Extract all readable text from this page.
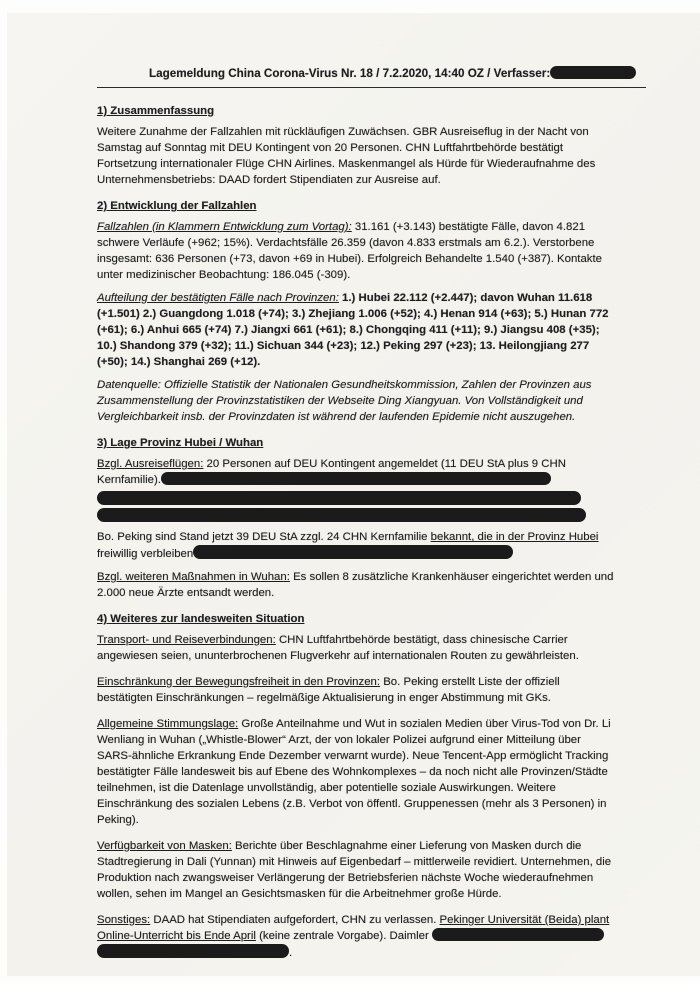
Lagemeldung China Corona-Virus Nr. 18 / 7.2.2020, 14:40 OZ / Verfasser:
1) Zusammenfassung

Weitere Zunahme der Fallzahlen mit rückläufigen Zuwächsen. GBR Ausreiseflug in der Nacht von Samstag auf Sonntag mit DEU Kontingent von 20 Personen. CHN Luftfahrtbehörde bestätigt Fortsetzung internationaler Flüge CHN Airlines. Maskenmangel als Hürde für Wiederaufnahme des Unternehmensbetriebs: DAAD fordert Stipendiaten zur Ausreise auf.

2) Entwicklung der Fallzahlen

Fallzahlen (in Klammern Entwicklung zum Vortag): 31.161 (+3.143) bestätigte Fälle, davon 4.821 schwere Verläufe (+962; 15%). Verdachtsfälle 26.359 (davon 4.833 erstmals am 6.2.). Verstorbene insgesamt: 636 Personen (+73, davon +69 in Hubei). Erfolgreich Behandelte 1.540 (+387). Kontakte unter medizinischer Beobachtung: 186.045 (-309).

Aufteilung der bestätigten Fälle nach Provinzen: 1.) Hubei 22.112 (+2.447); davon Wuhan 11.618 (+1.501) 2.) Guangdong 1.018 (+74); 3.) Zhejiang 1.006 (+52); 4.) Henan 914 (+63); 5.) Hunan 772 (+61); 6.) Anhui 665 (+74) 7.) Jiangxi 661 (+61); 8.) Chongqing 411 (+11); 9.) Jiangsu 408 (+35); 10.) Shandong 379 (+32); 11.) Sichuan 344 (+23); 12.) Peking 297 (+23); 13. Heilongjiang 277 (+50); 14.) Shanghai 269 (+12).

Datenquelle: Offizielle Statistik der Nationalen Gesundheitskommission, Zahlen der Provinzen aus Zusammenstellung der Provinzstatistiken der Webseite Ding Xiangyuan. Von Vollständigkeit und Vergleichbarkeit insb. der Provinzdaten ist während der laufenden Epidemie nicht auszugehen.

3) Lage Provinz Hubei / Wuhan

Bzgl. Ausreiseflügen: 20 Personen auf DEU Kontingent angemeldet (11 DEU StA plus 9 CHN Kernfamilie).

Bo. Peking sind Stand jetzt 39 DEU StA zzgl. 24 CHN Kernfamilie bekannt, die in der Provinz Hubei freiwillig verbleiben

Bzgl. weiteren Maßnahmen in Wuhan: Es sollen 8 zusätzliche Krankenhäuser eingerichtet werden und 2.000 neue Ärzte entsandt werden.

4) Weiteres zur landesweiten Situation

Transport- und Reiseverbindungen: CHN Luftfahrtbehörde bestätigt, dass chinesische Carrier angewiesen seien, ununterbrochenen Flugverkehr auf internationalen Routen zu gewährleisten.

Einschränkung der Bewegungsfreiheit in den Provinzen: Bo. Peking erstellt Liste der offiziell bestätigten Einschränkungen – regelmäßige Aktualisierung in enger Abstimmung mit GKs.

Allgemeine Stimmungslage: Große Anteilnahme und Wut in sozialen Medien über Virus-Tod von Dr. Li Wenliang in Wuhan („Whistle-Blower“ Arzt, der von lokaler Polizei aufgrund einer Mitteilung über SARS-ähnliche Erkrankung Ende Dezember verwarnt wurde). Neue Tencent-App ermöglicht Tracking bestätigter Fälle landesweit bis auf Ebene des Wohnkomplexes – da noch nicht alle Provinzen/Städte teilnehmen, ist die Datenlage unvollständig, aber potentielle soziale Auswirkungen. Weitere Einschränkung des sozialen Lebens (z.B. Verbot von öffentl. Gruppenessen (mehr als 3 Personen) in Peking).

Verfügbarkeit von Masken: Berichte über Beschlagnahme einer Lieferung von Masken durch die Stadtregierung in Dali (Yunnan) mit Hinweis auf Eigenbedarf – mittlerweile revidiert. Unternehmen, die Produktion nach zwangsweiser Verlängerung der Betriebsferien nächste Woche wiederaufnehmen wollen, sehen im Mangel an Gesichtsmasken für die Arbeitnehmer große Hürde.

Sonstiges: DAAD hat Stipendiaten aufgefordert, CHN zu verlassen. Pekinger Universität (Beida) plant Online-Unterricht bis Ende April (keine zentrale Vorgabe). Daimler
.
